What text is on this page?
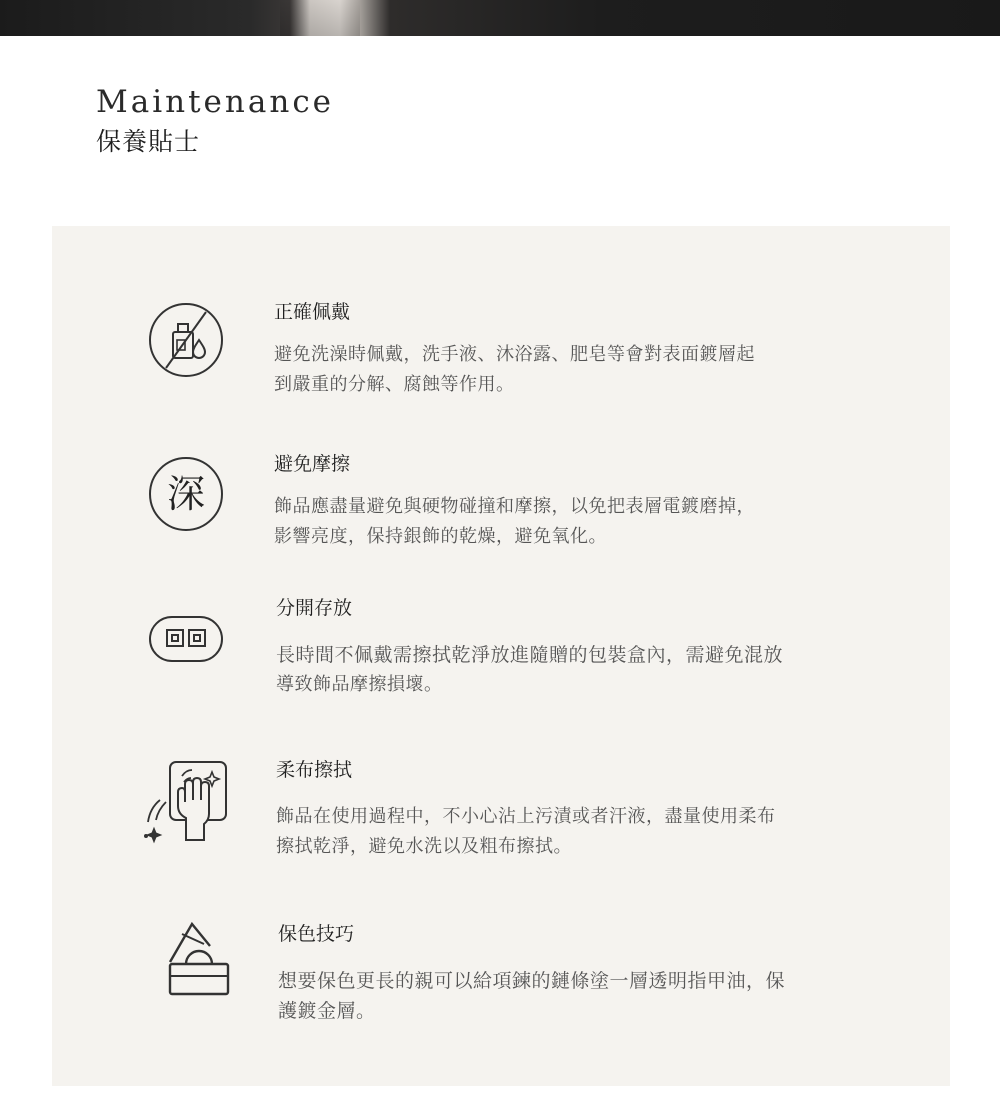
Maintenance
保養貼士
正確佩戴
避免洗澡時佩戴，洗手液、沐浴露、肥皂等會對表面鍍層起
到嚴重的分解、腐蝕等作用。
深
避免摩擦
飾品應盡量避免與硬物碰撞和摩擦，以免把表層電鍍磨掉，
影響亮度，保持銀飾的乾燥，避免氧化。
分開存放
長時間不佩戴需擦拭乾淨放進隨贈的包裝盒內，需避免混放
導致飾品摩擦損壞。
柔布擦拭
飾品在使用過程中，不小心沾上污漬或者汗液，盡量使用柔布
擦拭乾淨，避免水洗以及粗布擦拭。
保色技巧
想要保色更長的親可以給項鍊的鏈條塗一層透明指甲油，保
護鍍金層。
